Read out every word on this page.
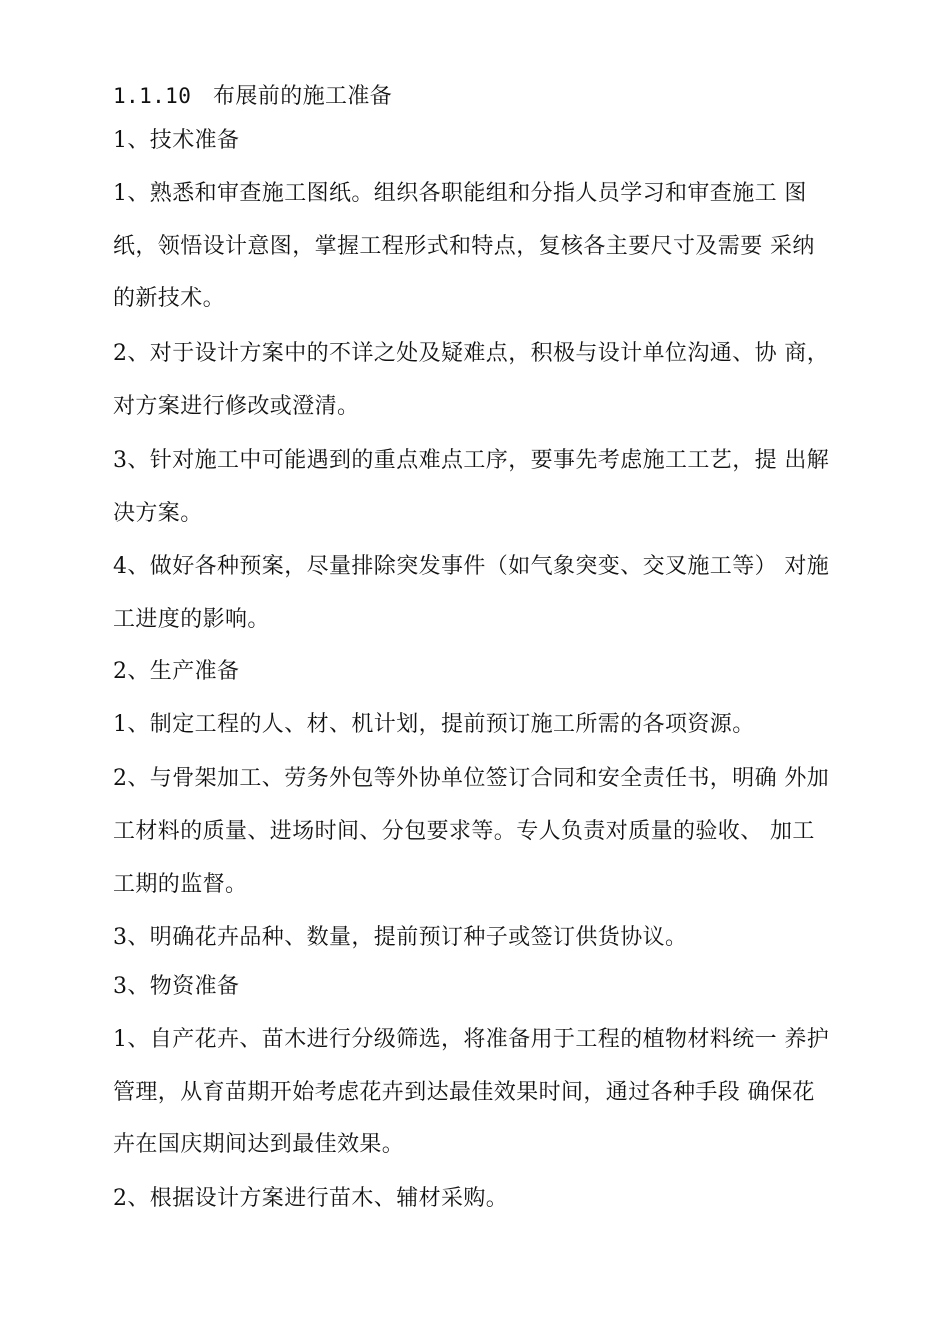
1.1.10 布展前的施工准备
1、技术准备
1、熟悉和审查施工图纸。组织各职能组和分指人员学习和审查施工 图
纸，领悟设计意图，掌握工程形式和特点，复核各主要尺寸及需要 采纳
的新技术。
2、对于设计方案中的不详之处及疑难点，积极与设计单位沟通、协 商，
对方案进行修改或澄清。
3、针对施工中可能遇到的重点难点工序，要事先考虑施工工艺，提 出解
决方案。
4、做好各种预案，尽量排除突发事件（如气象突变、交叉施工等） 对施
工进度的影响。
2、生产准备
1、制定工程的人、材、机计划，提前预订施工所需的各项资源。
2、与骨架加工、劳务外包等外协单位签订合同和安全责任书，明确 外加
工材料的质量、进场时间、分包要求等。专人负责对质量的验收、 加工
工期的监督。
3、明确花卉品种、数量，提前预订种子或签订供货协议。
3、物资准备
1、自产花卉、苗木进行分级筛选，将准备用于工程的植物材料统一 养护
管理，从育苗期开始考虑花卉到达最佳效果时间，通过各种手段 确保花
卉在国庆期间达到最佳效果。
2、根据设计方案进行苗木、辅材采购。
